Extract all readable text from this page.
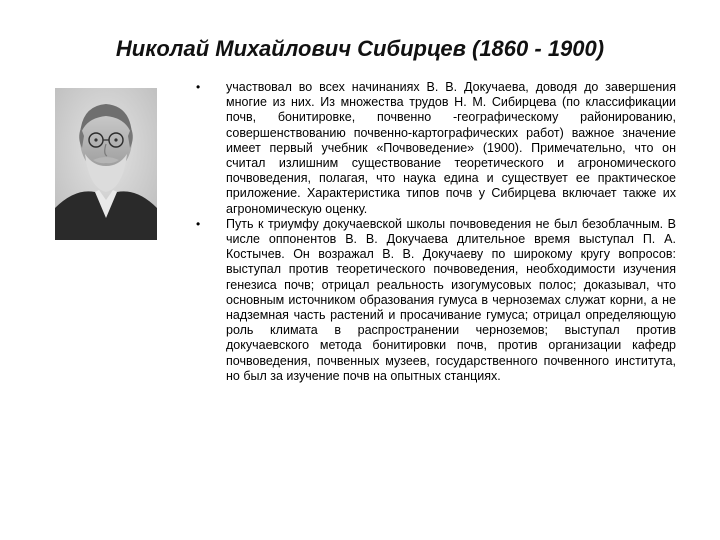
Николай Михайлович Сибирцев (1860 - 1900)
• участвовал во всех начинаниях В. В. Докучаева, доводя до завершения многие из них. Из множества трудов Н. М. Сибирцева (по классификации почв, бонитировке, почвенно -географическому районированию, совершенствованию почвенно-картографических работ) важное значение имеет первый учебник «Почвоведение» (1900). Примечательно, что он считал излишним существование теоретического и агрономического почвоведения, полагая, что наука едина и существует ее практическое приложение. Характеристика типов почв у Сибирцева включает также их агрономическую оценку.
• Путь к триумфу докучаевской школы почвоведения не был безоблачным. В числе оппонентов В. В. Докучаева длительное время выступал П. А. Костычев. Он возражал В. В. Докучаеву по широкому кругу вопросов: выступал против теоретического почвоведения, необходимости изучения генезиса почв; отрицал реальность изогумусовых полос; доказывал, что основным источником образования гумуса в черноземах служат корни, а не надземная часть растений и просачивание гумуса; отрицал определяющую роль климата в распространении черноземов; выступал против докучаевского метода бонитировки почв, против организации кафедр почвоведения, почвенных музеев, государственного почвенного института, но был за изучение почв на опытных станциях.
